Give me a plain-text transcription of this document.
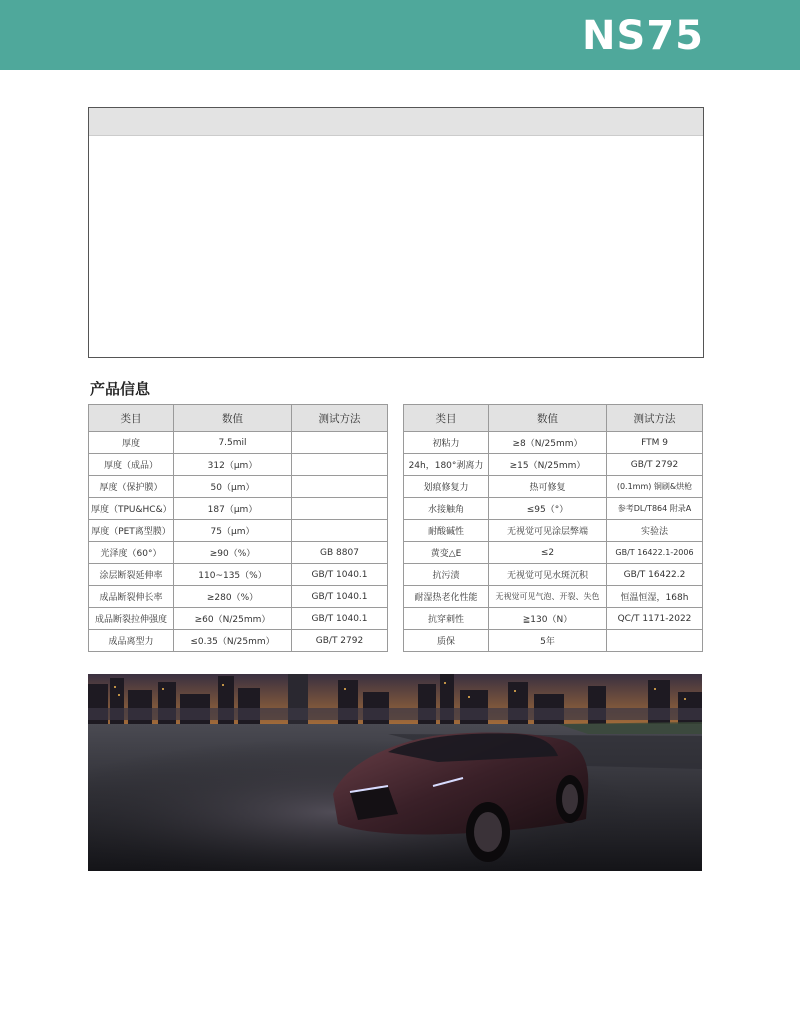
NS75
产品信息
类目	数值	测试方法
厚度	7.5mil	
厚度（成品）	312（μm）	
厚度（保护膜）	50（μm）	
厚度（TPU&HC&）	187（μm）	
厚度（PET离型膜）	75（μm）	
光泽度（60°）	≥90（%）	GB 8807
涂层断裂延伸率	110~135（%）	GB/T 1040.1
成品断裂伸长率	≥280（%）	GB/T 1040.1
成品断裂拉伸强度	≥60（N/25mm）	GB/T 1040.1
成品离型力	≤0.35（N/25mm）	GB/T 2792
类目	数值	测试方法
初粘力	≥8（N/25mm）	FTM 9
24h，180°剥离力	≥15（N/25mm）	GB/T 2792
划痕修复力	热可修复	(0.1mm) 铜刷&烘枪
水接触角	≤95（°）	参考DL/T864 附录A
耐酸碱性	无视觉可见涂层弊端	实验法
黄变△E	≤2	GB/T 16422.1-2006
抗污渍	无视觉可见水斑沉积	GB/T 16422.2
耐湿热老化性能	无视觉可见气泡、开裂、失色	恒温恒湿，168h
抗穿刺性	≧130（N）	QC/T 1171-2022
质保	5年	
